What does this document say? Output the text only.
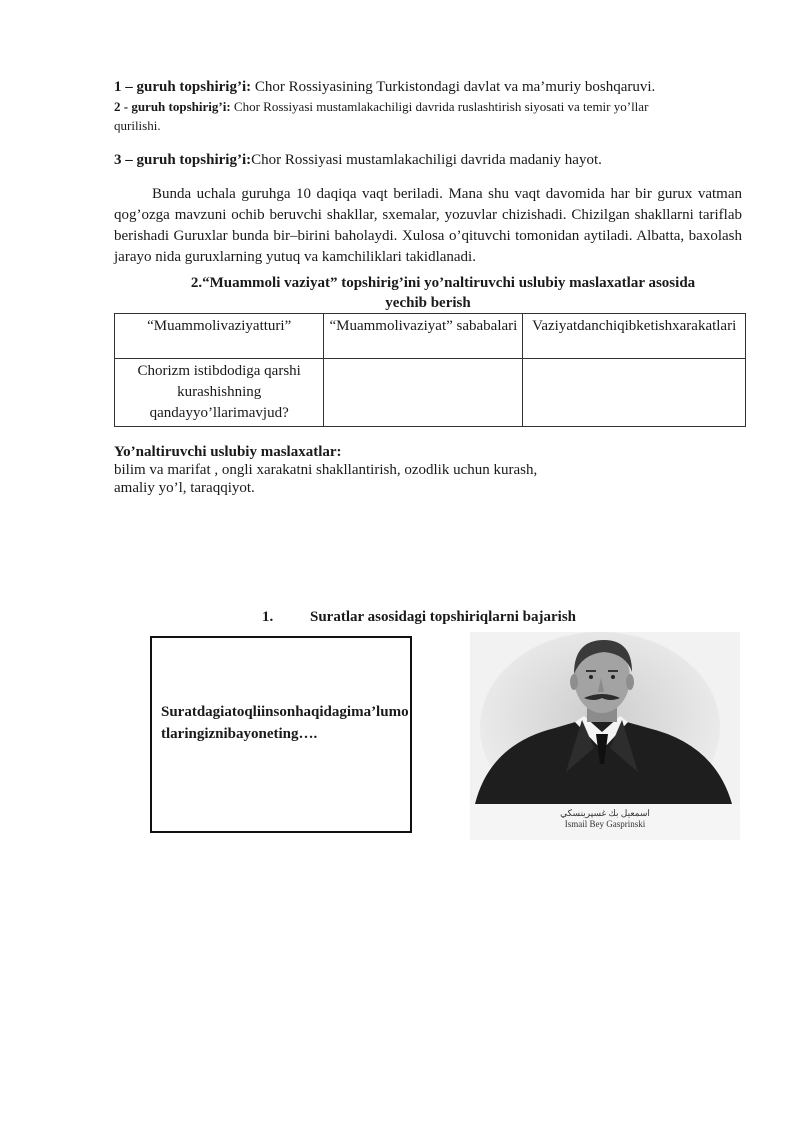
1 – guruh topshirig’i: Chor Rossiyasining Turkistondagi davlat va ma’muriy boshqaruvi.
2 - guruh topshirig’i: Chor Rossiyasi mustamlakachiligi davrida ruslashtirish siyosati va temir yo’llar
qurilishi.
3 – guruh topshirig’i:Chor Rossiyasi mustamlakachiligi davrida madaniy hayot.

Bunda uchala guruhga 10 daqiqa vaqt beriladi. Mana shu vaqt davomida har bir gurux vatman qog’ozga mavzuni ochib beruvchi shakllar, sxemalar, yozuvlar chizishadi. Chizilgan shakllarni tariflab berishadi Guruxlar bunda bir–birini baholaydi. Xulosa o’qituvchi tomonidan aytiladi. Albatta, baxolash jarayo nida guruxlarning yutuq va kamchiliklari takidlanadi.

2.“Muammoli vaziyat” topshirig’ini yo’naltiruvchi uslubiy maslaxatlar asosida
yechib berish
“Muammolivaziyatturi”	“Muammolivaziyat” sababalari	Vaziyatdanchiqibketishxarakatlari
Chorizm istibdodiga qarshi kurashishning qandayyo’llarimavjud?		
Yo’naltiruvchi uslubiy maslaxatlar:
bilim va marifat , ongli xarakatni shakllantirish, ozodlik uchun kurash,
amaliy yo’l, taraqqiyot.
1. Suratlar asosidagi topshiriqlarni bajarish
Suratdagiatoqliinsonhaqidagima’lumotlaringiznibayoneting….
اسمعيل بك غسپرينسكي
Ismail Bey Gasprinski
